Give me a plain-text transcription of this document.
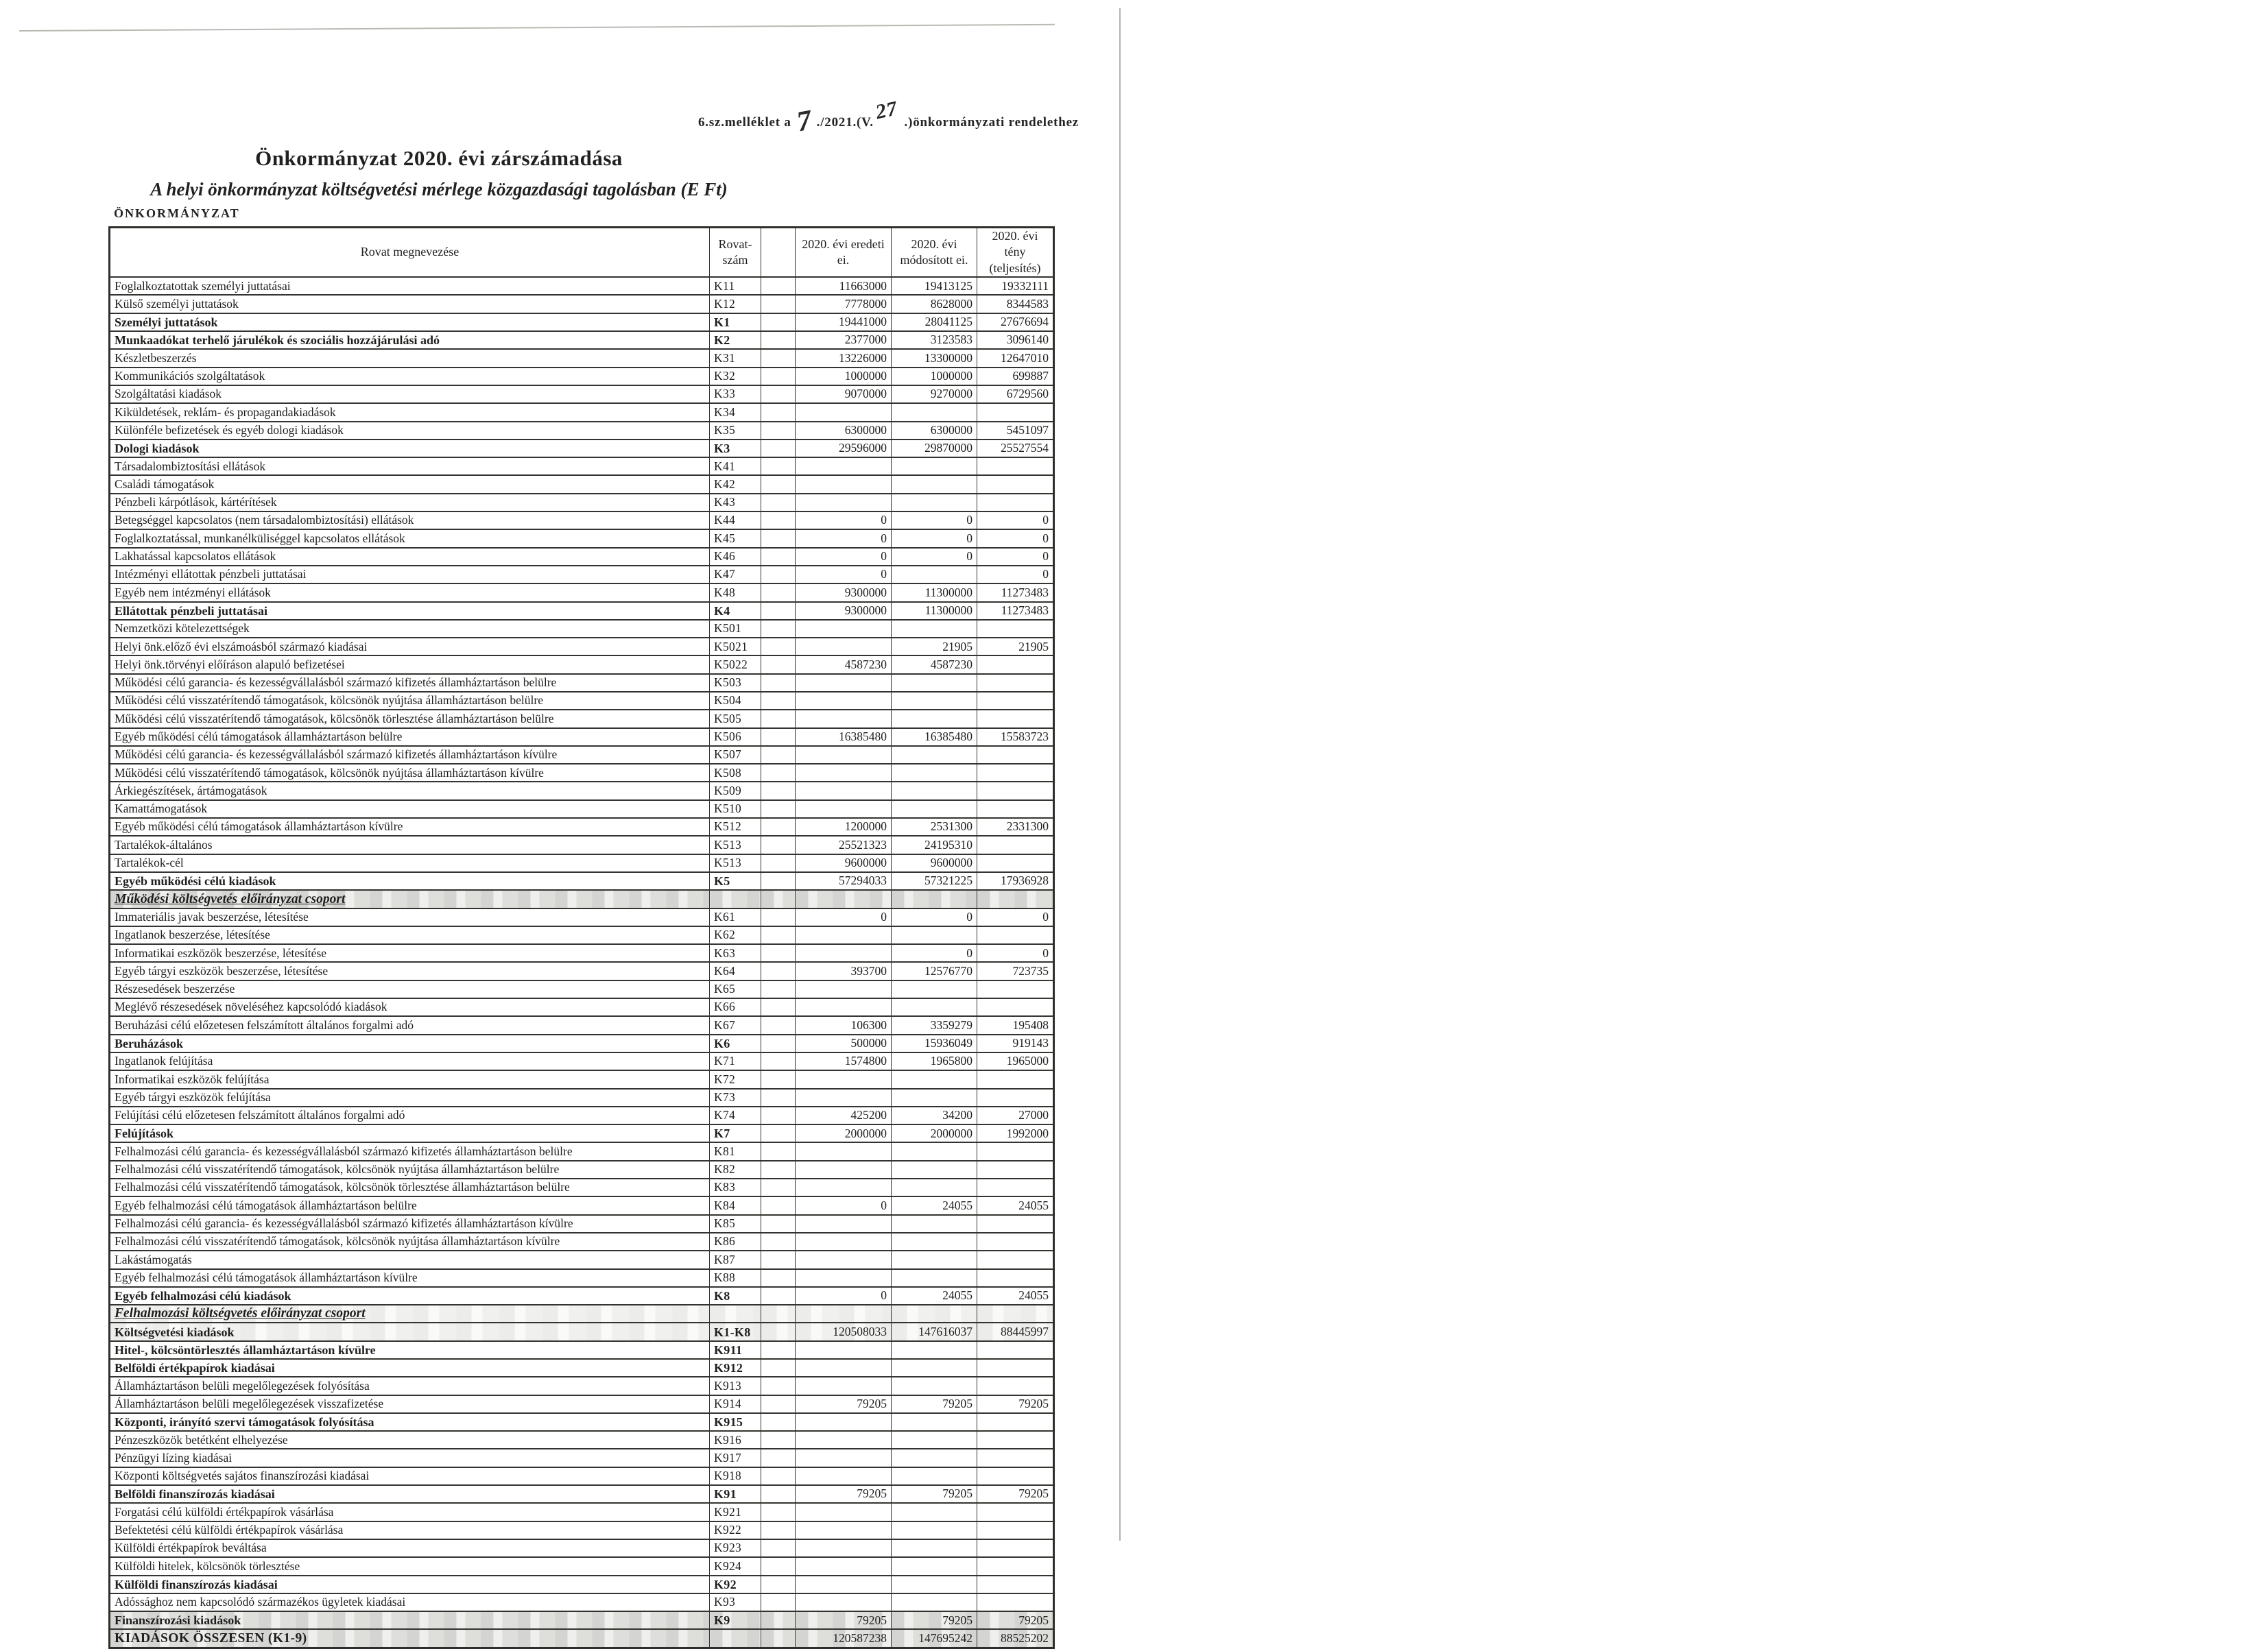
6.sz.melléklet a 7 ./2021.(V. 27 .)önkormányzati rendelethez
Önkormányzat 2020. évi zárszámadása
A helyi önkormányzat költségvetési mérlege közgazdasági tagolásban (E Ft)
ÖNKORMÁNYZAT
Rovat megnevezése	Rovat-szám		2020. évi eredeti ei.	2020. évi módosított ei.	2020. évi tény (teljesítés)
Foglalkoztatottak személyi juttatásai	K11		11663000	19413125	19332111
Külső személyi juttatások	K12		7778000	8628000	8344583
Személyi juttatások	K1		19441000	28041125	27676694
Munkaadókat terhelő járulékok és szociális hozzájárulási adó	K2		2377000	3123583	3096140
Készletbeszerzés	K31		13226000	13300000	12647010
Kommunikációs szolgáltatások	K32		1000000	1000000	699887
Szolgáltatási kiadások	K33		9070000	9270000	6729560
Kiküldetések, reklám- és propagandakiadások	K34				
Különféle befizetések és egyéb dologi kiadások	K35		6300000	6300000	5451097
Dologi kiadások	K3		29596000	29870000	25527554
Társadalombiztosítási ellátások	K41				
Családi támogatások	K42				
Pénzbeli kárpótlások, kártérítések	K43				
Betegséggel kapcsolatos (nem társadalombiztosítási) ellátások	K44		0	0	0
Foglalkoztatással, munkanélküliséggel kapcsolatos ellátások	K45		0	0	0
Lakhatással kapcsolatos ellátások	K46		0	0	0
Intézményi ellátottak pénzbeli juttatásai	K47		0		0
Egyéb nem intézményi ellátások	K48		9300000	11300000	11273483
Ellátottak pénzbeli juttatásai	K4		9300000	11300000	11273483
Nemzetközi kötelezettségek	K501				
Helyi önk.előző évi elszámoásból származó kiadásai	K5021			21905	21905
Helyi önk.törvényi előíráson alapuló befizetései	K5022		4587230	4587230	
Működési célú garancia- és kezességvállalásból származó kifizetés államháztartáson belülre	K503				
Működési célú visszatérítendő támogatások, kölcsönök nyújtása államháztartáson belülre	K504				
Működési célú visszatérítendő támogatások, kölcsönök törlesztése államháztartáson belülre	K505				
Egyéb működési célú támogatások államháztartáson belülre	K506		16385480	16385480	15583723
Működési célú garancia- és kezességvállalásból származó kifizetés államháztartáson kívülre	K507				
Működési célú visszatérítendő támogatások, kölcsönök nyújtása államháztartáson kívülre	K508				
Árkiegészítések, ártámogatások	K509				
Kamattámogatások	K510				
Egyéb működési célú támogatások államháztartáson kívülre	K512		1200000	2531300	2331300
Tartalékok-általános	K513		25521323	24195310	
Tartalékok-cél	K513		9600000	9600000	
Egyéb működési célú kiadások	K5		57294033	57321225	17936928
Működési költségvetés előirányzat csoport					
Immateriális javak beszerzése, létesítése	K61		0	0	0
Ingatlanok beszerzése, létesítése	K62				
Informatikai eszközök beszerzése, létesítése	K63			0	0
Egyéb tárgyi eszközök beszerzése, létesítése	K64		393700	12576770	723735
Részesedések beszerzése	K65				
Meglévő részesedések növeléséhez kapcsolódó kiadások	K66				
Beruházási célú előzetesen felszámított általános forgalmi adó	K67		106300	3359279	195408
Beruházások	K6		500000	15936049	919143
Ingatlanok felújítása	K71		1574800	1965800	1965000
Informatikai eszközök felújítása	K72				
Egyéb tárgyi eszközök felújítása	K73				
Felújítási célú előzetesen felszámított általános forgalmi adó	K74		425200	34200	27000
Felújítások	K7		2000000	2000000	1992000
Felhalmozási célú garancia- és kezességvállalásból származó kifizetés államháztartáson belülre	K81				
Felhalmozási célú visszatérítendő támogatások, kölcsönök nyújtása államháztartáson belülre	K82				
Felhalmozási célú visszatérítendő támogatások, kölcsönök törlesztése államháztartáson belülre	K83				
Egyéb felhalmozási célú támogatások államháztartáson belülre	K84		0	24055	24055
Felhalmozási célú garancia- és kezességvállalásból származó kifizetés államháztartáson kívülre	K85				
Felhalmozási célú visszatérítendő támogatások, kölcsönök nyújtása államháztartáson kívülre	K86				
Lakástámogatás	K87				
Egyéb felhalmozási célú támogatások államháztartáson kívülre	K88				
Egyéb felhalmozási célú kiadások	K8		0	24055	24055
Felhalmozási költségvetés előirányzat csoport					
Költségvetési kiadások	K1-K8		120508033	147616037	88445997
Hitel-, kölcsöntörlesztés államháztartáson kívülre	K911				
Belföldi értékpapírok kiadásai	K912				
Államháztartáson belüli megelőlegezések folyósítása	K913				
Államháztartáson belüli megelőlegezések visszafizetése	K914		79205	79205	79205
Központi, irányító szervi támogatások folyósítása	K915				
Pénzeszközök betétként elhelyezése	K916				
Pénzügyi lízing kiadásai	K917				
Központi költségvetés sajátos finanszírozási kiadásai	K918				
Belföldi finanszírozás kiadásai	K91		79205	79205	79205
Forgatási célú külföldi értékpapírok vásárlása	K921				
Befektetési célú külföldi értékpapírok vásárlása	K922				
Külföldi értékpapírok beváltása	K923				
Külföldi hitelek, kölcsönök törlesztése	K924				
Külföldi finanszírozás kiadásai	K92				
Adóssághoz nem kapcsolódó származékos ügyletek kiadásai	K93				
Finanszírozási kiadások	K9		79205	79205	79205
KIADÁSOK ÖSSZESEN (K1-9)			120587238	147695242	88525202
